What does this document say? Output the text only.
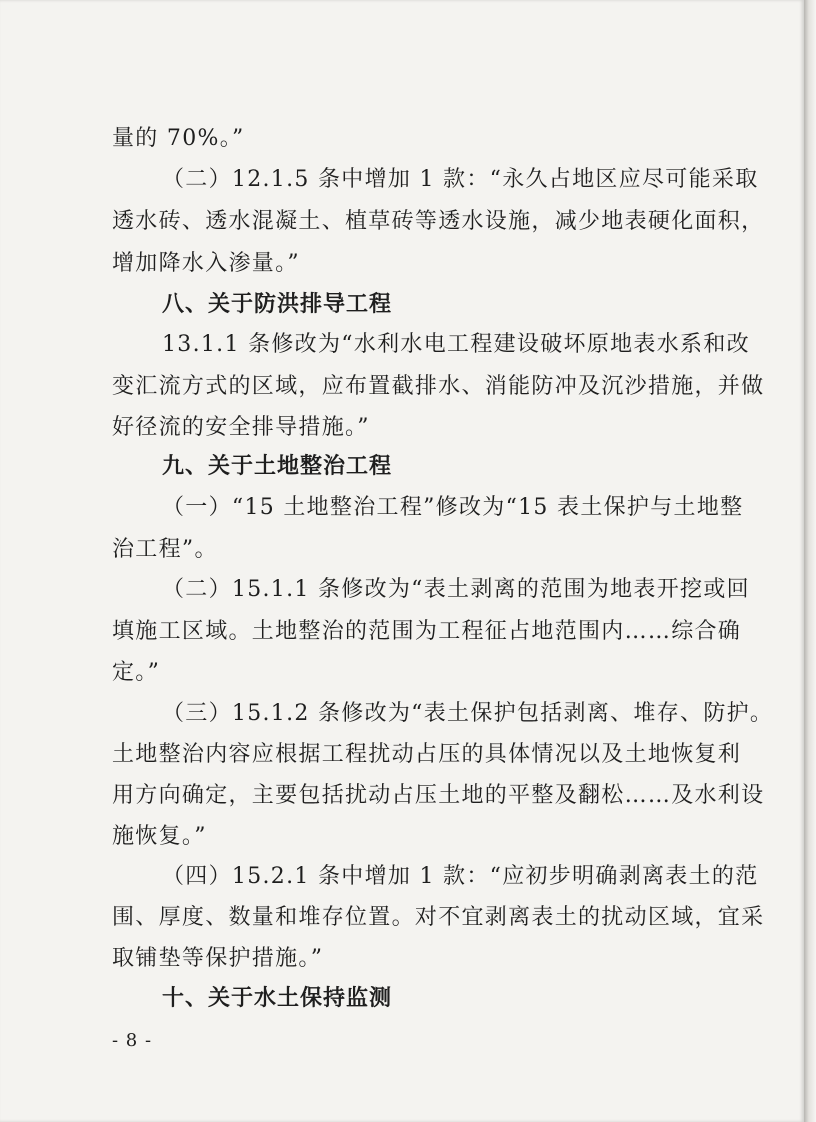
量的 70%。”
（二）12.1.5 条中增加 1 款：“永久占地区应尽可能采取
透水砖、透水混凝土、植草砖等透水设施，减少地表硬化面积，
增加降水入渗量。”
八、关于防洪排导工程
13.1.1 条修改为“水利水电工程建设破坏原地表水系和改
变汇流方式的区域，应布置截排水、消能防冲及沉沙措施，并做
好径流的安全排导措施。”
九、关于土地整治工程
（一）“15 土地整治工程”修改为“15 表土保护与土地整
治工程”。
（二）15.1.1 条修改为“表土剥离的范围为地表开挖或回
填施工区域。土地整治的范围为工程征占地范围内……综合确
定。”
（三）15.1.2 条修改为“表土保护包括剥离、堆存、防护。
土地整治内容应根据工程扰动占压的具体情况以及土地恢复利
用方向确定，主要包括扰动占压土地的平整及翻松……及水利设
施恢复。”
（四）15.2.1 条中增加 1 款：“应初步明确剥离表土的范
围、厚度、数量和堆存位置。对不宜剥离表土的扰动区域，宜采
取铺垫等保护措施。”
十、关于水土保持监测
- 8 -
